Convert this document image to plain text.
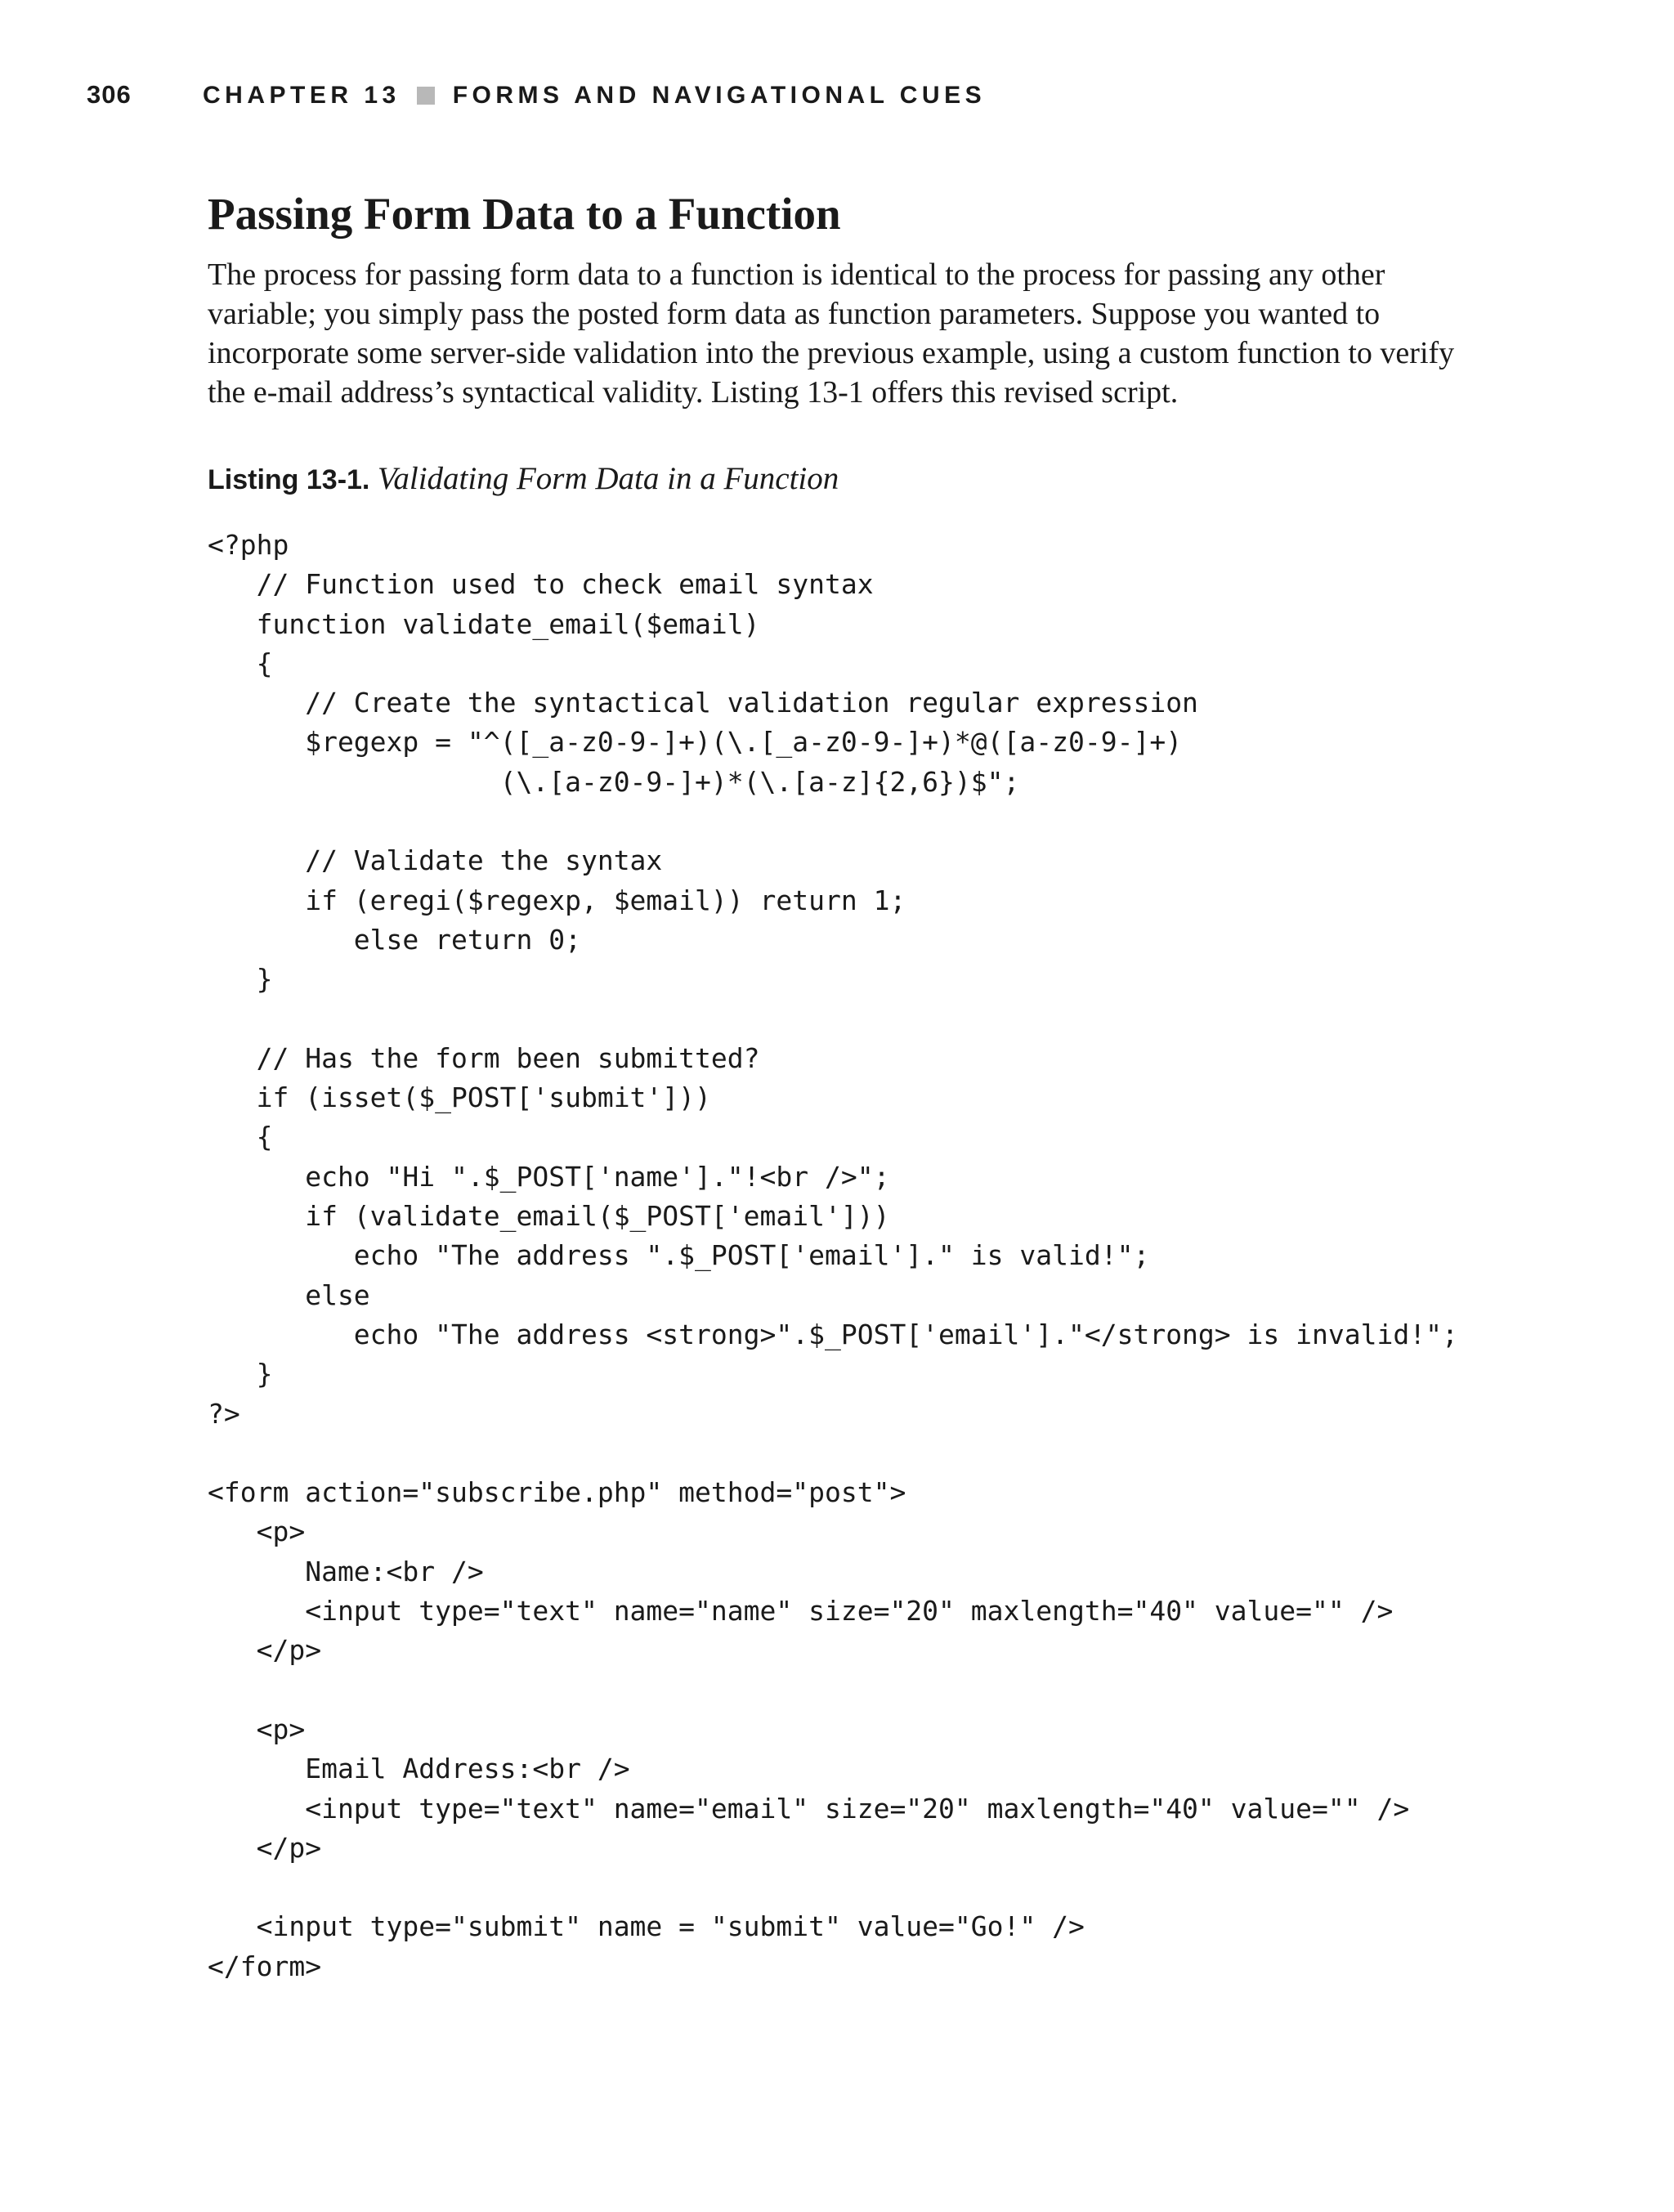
306	CHAPTER 13 FORMS AND NAVIGATIONAL CUES
Passing Form Data to a Function

The process for passing form data to a function is identical to the process for passing any other variable; you simply pass the posted form data as function parameters. Suppose you wanted to incorporate some server-side validation into the previous example, using a custom function to verify the e-mail address’s syntactical validity. Listing 13-1 offers this revised script.

Listing 13-1. Validating Form Data in a Function
<?php
// Function used to check email syntax
function validate_email($email)
{
// Create the syntactical validation regular expression
$regexp = "^([_a-z0-9-]+)(\.[_a-z0-9-]+)*@([a-z0-9-]+)
(\.[a-z0-9-]+)*(\.[a-z]{2,6})$";

// Validate the syntax
if (eregi($regexp, $email)) return 1;
else return 0;
}

// Has the form been submitted?
if (isset($_POST['submit']))
{
echo "Hi ".$_POST['name']."!<br />";
if (validate_email($_POST['email']))
echo "The address ".$_POST['email']." is valid!";
else
echo "The address <strong>".$_POST['email']."</strong> is invalid!";
}
?>

<form action="subscribe.php" method="post">
<p>
Name:<br />
<input type="text" name="name" size="20" maxlength="40" value="" />
</p>

<p>
Email Address:<br />
<input type="text" name="email" size="20" maxlength="40" value="" />
</p>

<input type="submit" name = "submit" value="Go!" />
</form>
